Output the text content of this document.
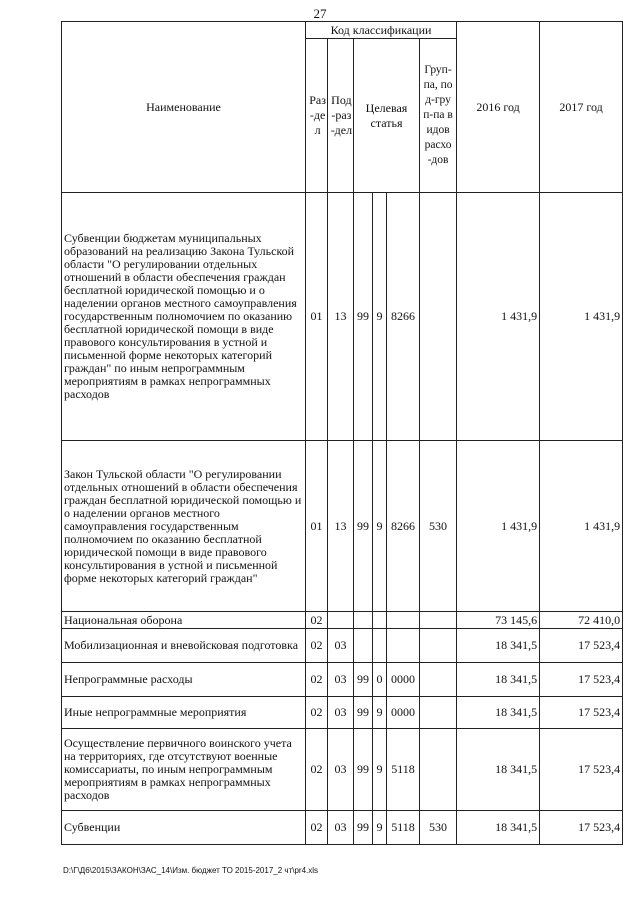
27
Наименование	Код классификации						2016 год	2017 год

	Раз-дел	Под-раз-дел	Целевая статья			Груп-па, под-груп-па видов расхо-дов		

Субвенции бюджетам муниципальных образований на реализацию Закона Тульской области "О регулировании отдельных отношений в области обеспечения граждан бесплатной юридической помощью и о наделении органов местного самоуправления государственным полномочием по оказанию бесплатной юридической помощи в виде правового консультирования в устной и письменной форме некоторых категорий граждан" по иным непрограммным мероприятиям в рамках непрограммных расходов	01	13	99	9	8266		1 431,9	1 431,9
Закон Тульской области "О регулировании отдельных отношений в области обеспечения граждан бесплатной юридической помощью и о наделении органов местного самоуправления государственным полномочием по оказанию бесплатной юридической помощи в виде правового консультирования в устной и письменной форме некоторых категорий граждан"	01	13	99	9	8266	530	1 431,9	1 431,9
Национальная оборона	02						73 145,6	72 410,0
Мобилизационная и вневойсковая подготовка	02	03					18 341,5	17 523,4
Непрограммные расходы	02	03	99	0	0000		18 341,5	17 523,4
Иные непрограммные мероприятия	02	03	99	9	0000		18 341,5	17 523,4
Осуществление первичного воинского учета на территориях, где отсутствуют военные комиссариаты, по иным непрограммным мероприятиям в рамках непрограммных расходов	02	03	99	9	5118		18 341,5	17 523,4
Субвенции	02	03	99	9	5118	530	18 341,5	17 523,4
D:\Г\Д6\2015\ЗАКОН\ЗАС_14\Изм. бюджет ТО 2015-2017_2 чт\pr4.xls
